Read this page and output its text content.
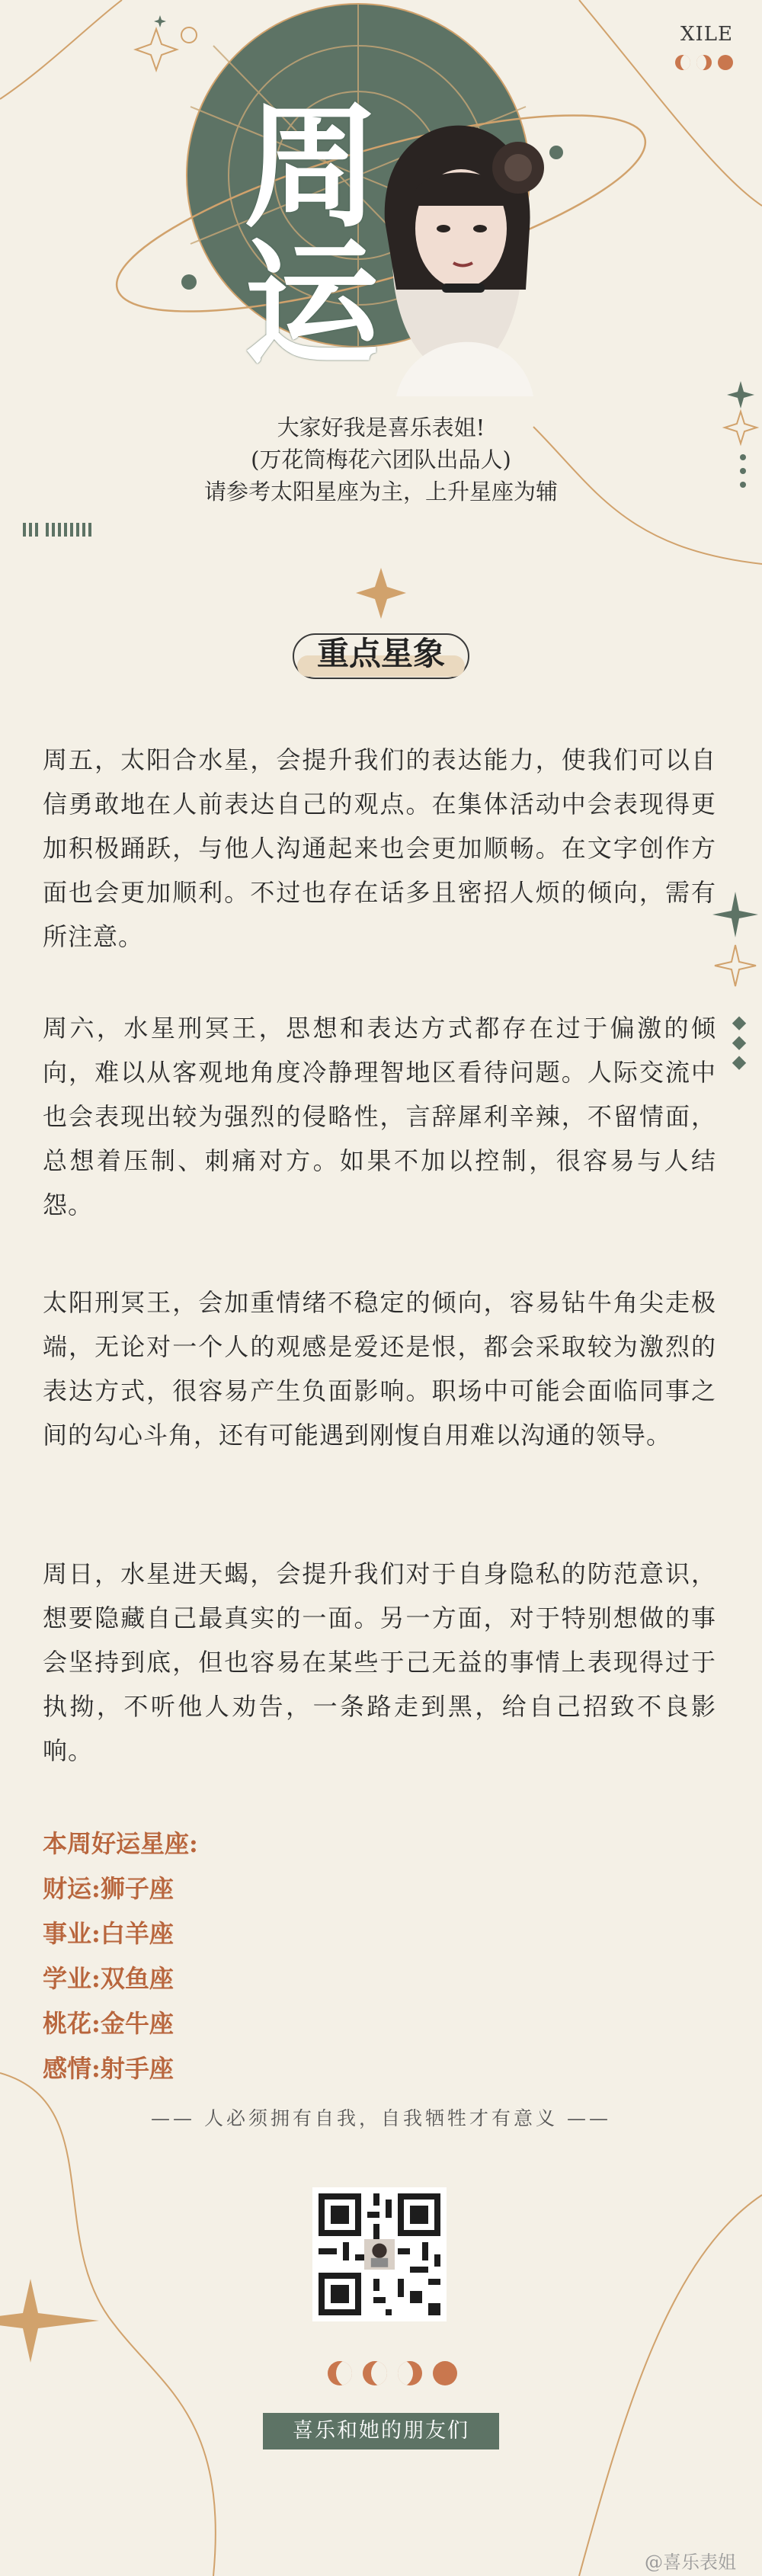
XILE
周运
大家好我是喜乐表姐!
(万花筒梅花六团队出品人)
请参考太阳星座为主，上升星座为辅
重点星象

周五，太阳合水星，会提升我们的表达能力，使我们可以自信勇敢地在人前表达自己的观点。在集体活动中会表现得更加积极踊跃，与他人沟通起来也会更加顺畅。在文字创作方面也会更加顺利。不过也存在话多且密招人烦的倾向，需有所注意。

周六，水星刑冥王，思想和表达方式都存在过于偏激的倾向，难以从客观地角度冷静理智地区看待问题。人际交流中也会表现出较为强烈的侵略性，言辞犀利辛辣，不留情面，总想着压制、刺痛对方。如果不加以控制，很容易与人结怨。

太阳刑冥王，会加重情绪不稳定的倾向，容易钻牛角尖走极端，无论对一个人的观感是爱还是恨，都会采取较为激烈的表达方式，很容易产生负面影响。职场中可能会面临同事之间的勾心斗角，还有可能遇到刚愎自用难以沟通的领导。

周日，水星进天蝎，会提升我们对于自身隐私的防范意识，想要隐藏自己最真实的一面。另一方面，对于特别想做的事会坚持到底，但也容易在某些于己无益的事情上表现得过于执拗，不听他人劝告，一条路走到黑，给自己招致不良影响。

本周好运星座:
财运:狮子座
事业:白羊座
学业:双鱼座
桃花:金牛座
感情:射手座
—— 人必须拥有自我，自我牺牲才有意义 ——
喜乐和她的朋友们
@喜乐表姐
